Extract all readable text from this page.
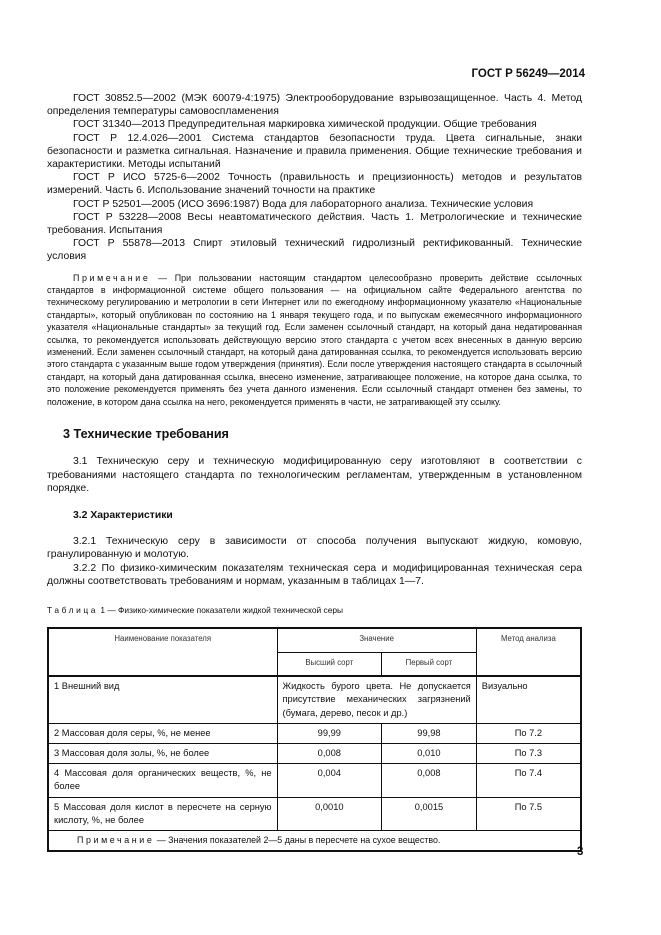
ГОСТ Р 56249—2014

ГОСТ 30852.5—2002 (МЭК 60079-4:1975) Электрооборудование взрывозащищенное. Часть 4. Метод определения температуры самовоспламенения

ГОСТ 31340—2013 Предупредительная маркировка химической продукции. Общие требования

ГОСТ Р 12.4.026—2001 Система стандартов безопасности труда. Цвета сигнальные, знаки безопасности и разметка сигнальная. Назначение и правила применения. Общие технические требования и характеристики. Методы испытаний

ГОСТ Р ИСО 5725-6—2002 Точность (правильность и прецизионность) методов и результатов измерений. Часть 6. Использование значений точности на практике

ГОСТ Р 52501—2005 (ИСО 3696:1987) Вода для лабораторного анализа. Технические условия

ГОСТ Р 53228—2008 Весы неавтоматического действия. Часть 1. Метрологические и технические требования. Испытания

ГОСТ Р 55878—2013 Спирт этиловый технический гидролизный ректификованный. Технические условия

Примечание — При пользовании настоящим стандартом целесообразно проверить действие ссылочных стандартов в информационной системе общего пользования — на официальном сайте Федерального агентства по техническому регулированию и метрологии в сети Интернет или по ежегодному информационному указателю «Национальные стандарты», который опубликован по состоянию на 1 января текущего года, и по выпускам ежемесячного информационного указателя «Национальные стандарты» за текущий год. Если заменен ссылочный стандарт, на который дана недатированная ссылка, то рекомендуется использовать действующую версию этого стандарта с учетом всех внесенных в данную версию изменений. Если заменен ссылочный стандарт, на который дана датированная ссылка, то рекомендуется использовать версию этого стандарта с указанным выше годом утверждения (принятия). Если после утверждения настоящего стандарта в ссылочный стандарт, на который дана датированная ссылка, внесено изменение, затрагивающее положение, на которое дана ссылка, то это положение рекомендуется применять без учета данного изменения. Если ссылочный стандарт отменен без замены, то положение, в котором дана ссылка на него, рекомендуется применять в части, не затрагивающей эту ссылку.

3 Технические требования

3.1 Техническую серу и техническую модифицированную серу изготовляют в соответствии с требованиями настоящего стандарта по технологическим регламентам, утвержденным в установленном порядке.

3.2 Характеристики

3.2.1 Техническую серу в зависимости от способа получения выпускают жидкую, комовую, гранулированную и молотую.

3.2.2 По физико-химическим показателям техническая сера и модифицированная техническая сера должны соответствовать требованиям и нормам, указанным в таблицах 1—7.

Таблица 1 — Физико-химические показатели жидкой технической серы
Наименование показателя	Значение		Метод анализа
	Высший сорт	Первый сорт	
1 Внешний вид	Жидкость бурого цвета. Не допускается присутствие механических загрязнений (бумага, дерево, песок и др.)		Визуально
2 Массовая доля серы, %, не менее	99,99	99,98	По 7.2
3 Массовая доля золы, %, не более	0,008	0,010	По 7.3
4 Массовая доля органических веществ, %, не более	0,004	0,008	По 7.4
5 Массовая доля кислот в пересчете на серную кислоту, %, не более	0,0010	0,0015	По 7.5
Примечание — Значения показателей 2—5 даны в пересчете на сухое вещество.			
3
